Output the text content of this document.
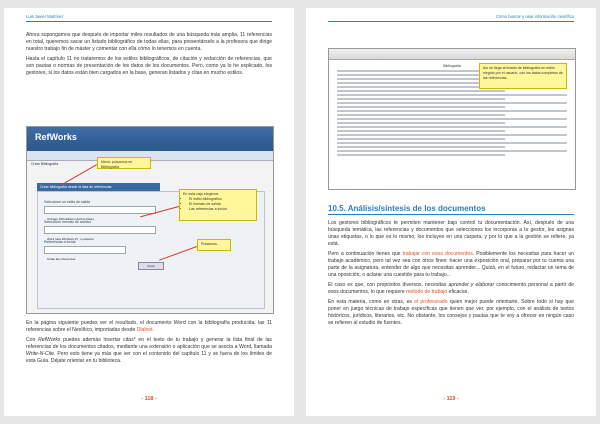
Luis Javier Martínez

Ahora supongamos que después de importar miles resultados de una búsqueda más amplia, 11 referencias en total, queremos sacar un listado bibliográfico de todas ellas, para presentárselo a la profesora que dirige nuestro trabajo fin de máster y comentar con ella cómo lo tenemos en cuenta.

Hasta el capítulo 11 no trataremos de los estilos bibliográficos, de citación y redacción de referencias, que son pautas o normas de presentación de los datos de los documentos. Pero, como ya lo he explicado, los gestores, si los datos están bien cargados en la base, generan listados y citas en mucho estilos.

RefWorks
Crear Bibliografía
Crear bibliografía desde la lista de referencias
Seleccione un estilo de salida
Chicago 15th Edition (Author-Date)
Seleccione formato de archivo
Word para Windows 97, o posterior
Referencias a incluir
Todas las referencias
Crear
Menú: pulsamos en Bibliografía
En esta caja elegimos:
• El estilo bibliográfico
• El formato de salida
• Las referencias a incluir
Pulsamos...

En la página siguiente puedes ver el resultado, el documento Word con la bibliografía producida, las 11 referencias sobre el Neolítico, importadas desde Dialnet.

Con RefWorks puedes además insertar citas* en el texto de tu trabajo y generar la lista final de las referencias de los documentos citados, mediante una extensión o aplicación que se asocia a Word, llamada Write-N-Cite. Pero esto tiene ya más que ver con el contenido del capítulo 11 y se fuera de los límites de esta Guía. Déjate orientar en tu biblioteca.

- 118 -
Cómo buscar y usar información científica
Bibliografía	Así se llega al listado de bibliografía en estilo elegido por el usuario, con los datos completos de las referencias.
10.5. Análisis/síntesis de los documentos

Los gestores bibliográficos te permiten mantener bajo control tu documentación. Así, después de una búsqueda temática, las referencias y documentos que selecciones los incorporas a tu gestor, les asignas unas etiquetas, o lo que es lo mismo, los incluyes en una carpeta, y por lo que a la gestión se refiere, ya está.

Pero a continuación tienes que trabajar con esos documentos. Posiblemente los necesitas para hacer un trabajo académico, pero tal vez sea con otros fines: hacer una exposición oral, preparar por tu cuenta una parte de la asignatura, entender de algo que necesitas aprender... Quizá, en el futuro, redactar un tema de una oposición, o aclarar una cuestión para tu trabajo...

El caso es que, con propósitos diversos, necesitas aprender y elaborar conocimiento personal a partir de esos documentos, lo que requiere método de trabajo eficaces.

En esta materia, como en otras, es el profesorado quien mejor puede orientarte. Sobre todo si hay que poner en juego técnicas de trabajo específicas que tienen que ver, por ejemplo, con el análisis de textos históricos, jurídicos, literarios, etc. No obstante, los consejos y pautas que te voy a ofrecer en ningún caso se refieren al estudio de fuentes.

- 119 -
